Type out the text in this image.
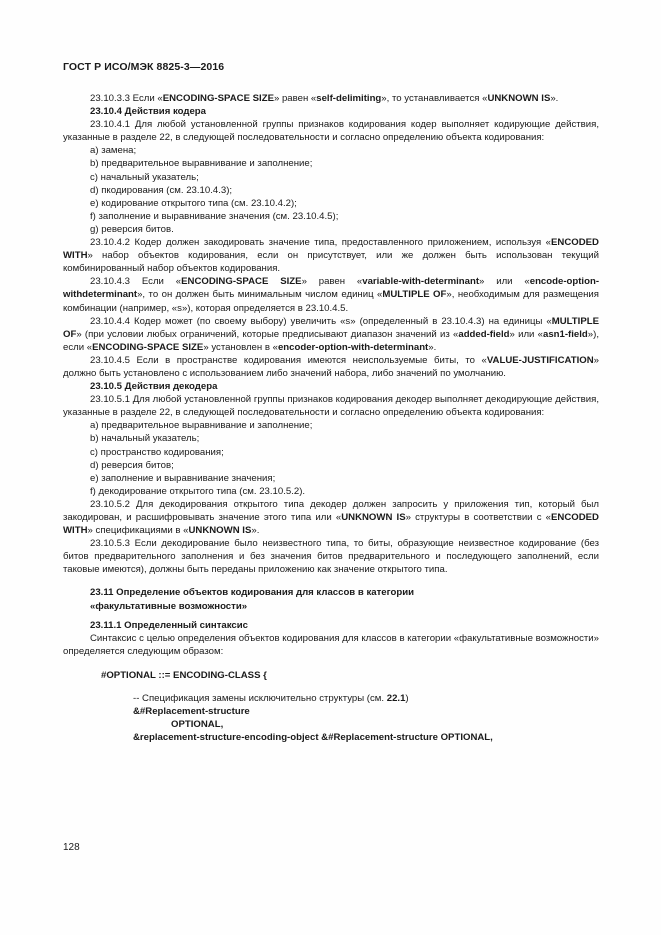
ГОСТ Р ИСО/МЭК 8825-3—2016

23.10.3.3 Если «ENCODING-SPACE SIZE» равен «self-delimiting», то устанавливается «UNKNOWN IS».

23.10.4 Действия кодера

23.10.4.1 Для любой установленной группы признаков кодирования кодер выполняет кодирующие действия, указанные в разделе 22, в следующей последовательности и согласно определению объекта кодирования:

a) замена;

b) предварительное выравнивание и заполнение;

c) начальный указатель;

d) пкодирования (см. 23.10.4.3);

e) кодирование открытого типа (см. 23.10.4.2);

f) заполнение и выравнивание значения (см. 23.10.4.5);

g) реверсия битов.

23.10.4.2 Кодер должен закодировать значение типа, предоставленного приложением, используя «ENCODED WITH» набор объектов кодирования, если он присутствует, или же должен быть использован текущий комбинированный набор объектов кодирования.

23.10.4.3 Если «ENCODING-SPACE SIZE» равен «variable-with-determinant» или «encode-option-withdeterminant», то он должен быть минимальным числом единиц «MULTIPLE OF», необходимым для размещения комбинации (например, «s»), которая определяется в 23.10.4.5.

23.10.4.4 Кодер может (по своему выбору) увеличить «s» (определенный в 23.10.4.3) на единицы «MULTIPLE OF» (при условии любых ограничений, которые предписывают диапазон значений из «added-field» или «asn1-field»), если «ENCODING-SPACE SIZE» установлен в «encoder-option-with-determinant».

23.10.4.5 Если в пространстве кодирования имеются неиспользуемые биты, то «VALUE-JUSTIFICATION» должно быть установлено с использованием либо значений набора, либо значений по умолчанию.

23.10.5 Действия декодера

23.10.5.1 Для любой установленной группы признаков кодирования декодер выполняет декодирующие действия, указанные в разделе 22, в следующей последовательности и согласно определению объекта кодирования:

a) предварительное выравнивание и заполнение;

b) начальный указатель;

c) пространство кодирования;

d) реверсия битов;

e) заполнение и выравнивание значения;

f) декодирование открытого типа (см. 23.10.5.2).

23.10.5.2 Для декодирования открытого типа декодер должен запросить у приложения тип, который был закодирован, и расшифровывать значение этого типа или «UNKNOWN IS» структуры в соответствии с «ENCODED WITH» спецификациями в «UNKNOWN IS».

23.10.5.3 Если декодирование было неизвестного типа, то биты, образующие неизвестное кодирование (без битов предварительного заполнения и без значения битов предварительного и последующего заполнений, если таковые имеются), должны быть переданы приложению как значение открытого типа.

23.11 Определение объектов кодирования для классов в категории
«факультативные возможности»

23.11.1 Определенный синтаксис

Синтаксис с целью определения объектов кодирования для классов в категории «факультативные возможности» определяется следующим образом:

#OPTIONAL ::= ENCODING-CLASS {

-- Спецификация замены исключительно структуры (см. 22.1)

&#Replacement-structure

OPTIONAL,

&replacement-structure-encoding-object &#Replacement-structure OPTIONAL,

128
